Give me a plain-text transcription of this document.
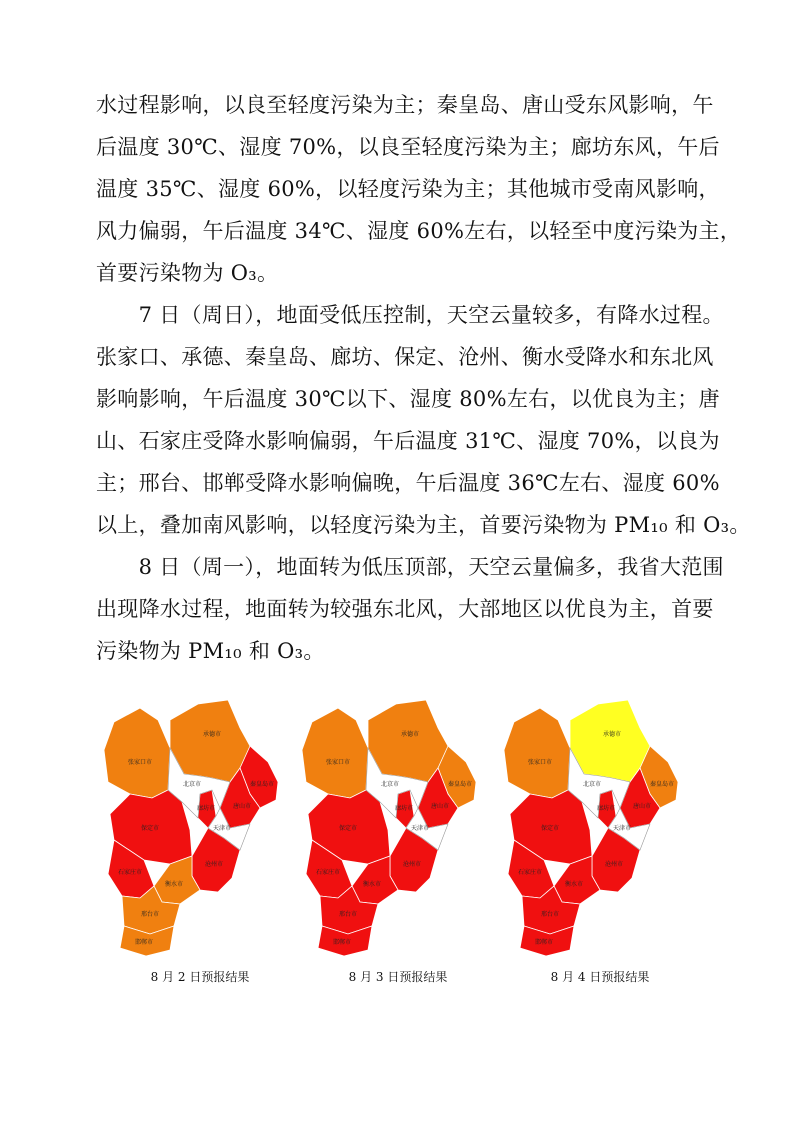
水过程影响，以良至轻度污染为主；秦皇岛、唐山受东风影响，午
后温度 30℃、湿度 70%，以良至轻度污染为主；廊坊东风，午后
温度 35℃、湿度 60%，以轻度污染为主；其他城市受南风影响，
风力偏弱，午后温度 34℃、湿度 60%左右，以轻至中度污染为主，
首要污染物为 O₃。
　　7 日（周日），地面受低压控制，天空云量较多，有降水过程。
张家口、承德、秦皇岛、廊坊、保定、沧州、衡水受降水和东北风
影响影响，午后温度 30℃以下、湿度 80%左右，以优良为主；唐
山、石家庄受降水影响偏弱，午后温度 31℃、湿度 70%，以良为
主；邢台、邯郸受降水影响偏晚，午后温度 36℃左右、湿度 60%
以上，叠加南风影响，以轻度污染为主，首要污染物为 PM₁₀ 和 O₃。
　　8 日（周一），地面转为低压顶部，天空云量偏多，我省大范围
出现降水过程，地面转为较强东北风，大部地区以优良为主，首要
污染物为 PM₁₀ 和 O₃。
张家口市
承德市
秦皇岛市
唐山市
廊坊市
保定市
沧州市
石家庄市
衡水市
邢台市
邯郸市
北京市
天津市
8 月 2 日预报结果
张家口市
承德市
秦皇岛市
唐山市
廊坊市
保定市
沧州市
石家庄市
衡水市
邢台市
邯郸市
北京市
天津市
8 月 3 日预报结果
张家口市
承德市
秦皇岛市
唐山市
廊坊市
保定市
沧州市
石家庄市
衡水市
邢台市
邯郸市
北京市
天津市
8 月 4 日预报结果
